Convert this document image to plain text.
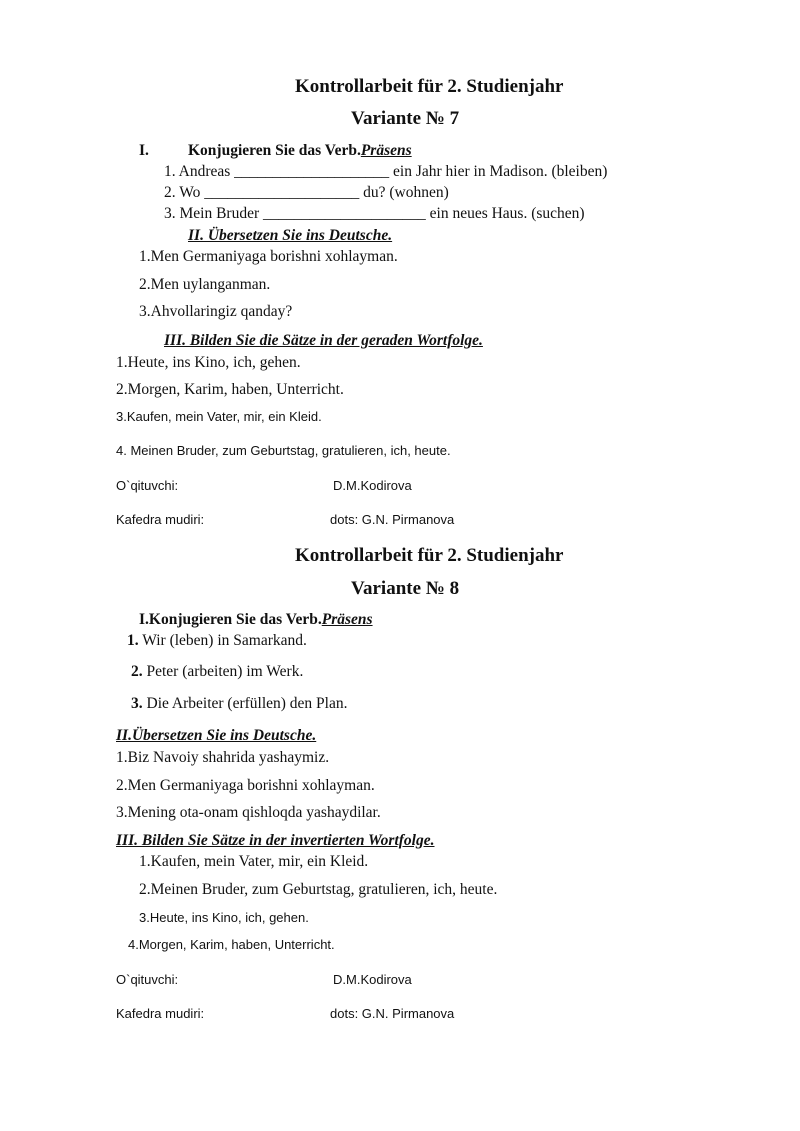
Kontrollarbeit für 2. Studienjahr
Variante № 7
I.	Konjugieren Sie das Verb.Präsens
1. Andreas ____________________ ein Jahr hier in Madison. (bleiben)
2. Wo ____________________ du? (wohnen)
3. Mein Bruder _____________________ ein neues Haus. (suchen)
II. Übersetzen Sie ins Deutsche.
1.Men Germaniyaga borishni xohlayman.
2.Men uylanganman.
3.Ahvollaringiz qanday?
III. Bilden Sie die Sätze in der geraden Wortfolge.
1.Heute, ins Kino, ich, gehen.
2.Morgen, Karim, haben, Unterricht.
3.Kaufen, mein Vater, mir, ein Kleid.
4. Meinen Bruder, zum Geburtstag, gratulieren, ich, heute.
O`qituvchi:	D.M.Kodirova
Kafedra mudiri:	dots: G.N. Pirmanova
Kontrollarbeit für 2. Studienjahr
Variante № 8
I.Konjugieren Sie das Verb.Präsens
1. Wir (leben) in Samarkand.
2. Peter (arbeiten) im Werk.
3. Die Arbeiter (erfüllen) den Plan.
II.Übersetzen Sie ins Deutsche.
1.Biz Navoiy shahrida yashaymiz.
2.Men Germaniyaga borishni xohlayman.
3.Mening ota-onam qishloqda yashaydilar.
III. Bilden Sie Sätze in der invertierten Wortfolge.
1.Kaufen, mein Vater, mir, ein Kleid.
2.Meinen Bruder, zum Geburtstag, gratulieren, ich, heute.
3.Heute, ins Kino, ich, gehen.
4.Morgen, Karim, haben, Unterricht.
O`qituvchi:	D.M.Kodirova
Kafedra mudiri:	dots: G.N. Pirmanova
